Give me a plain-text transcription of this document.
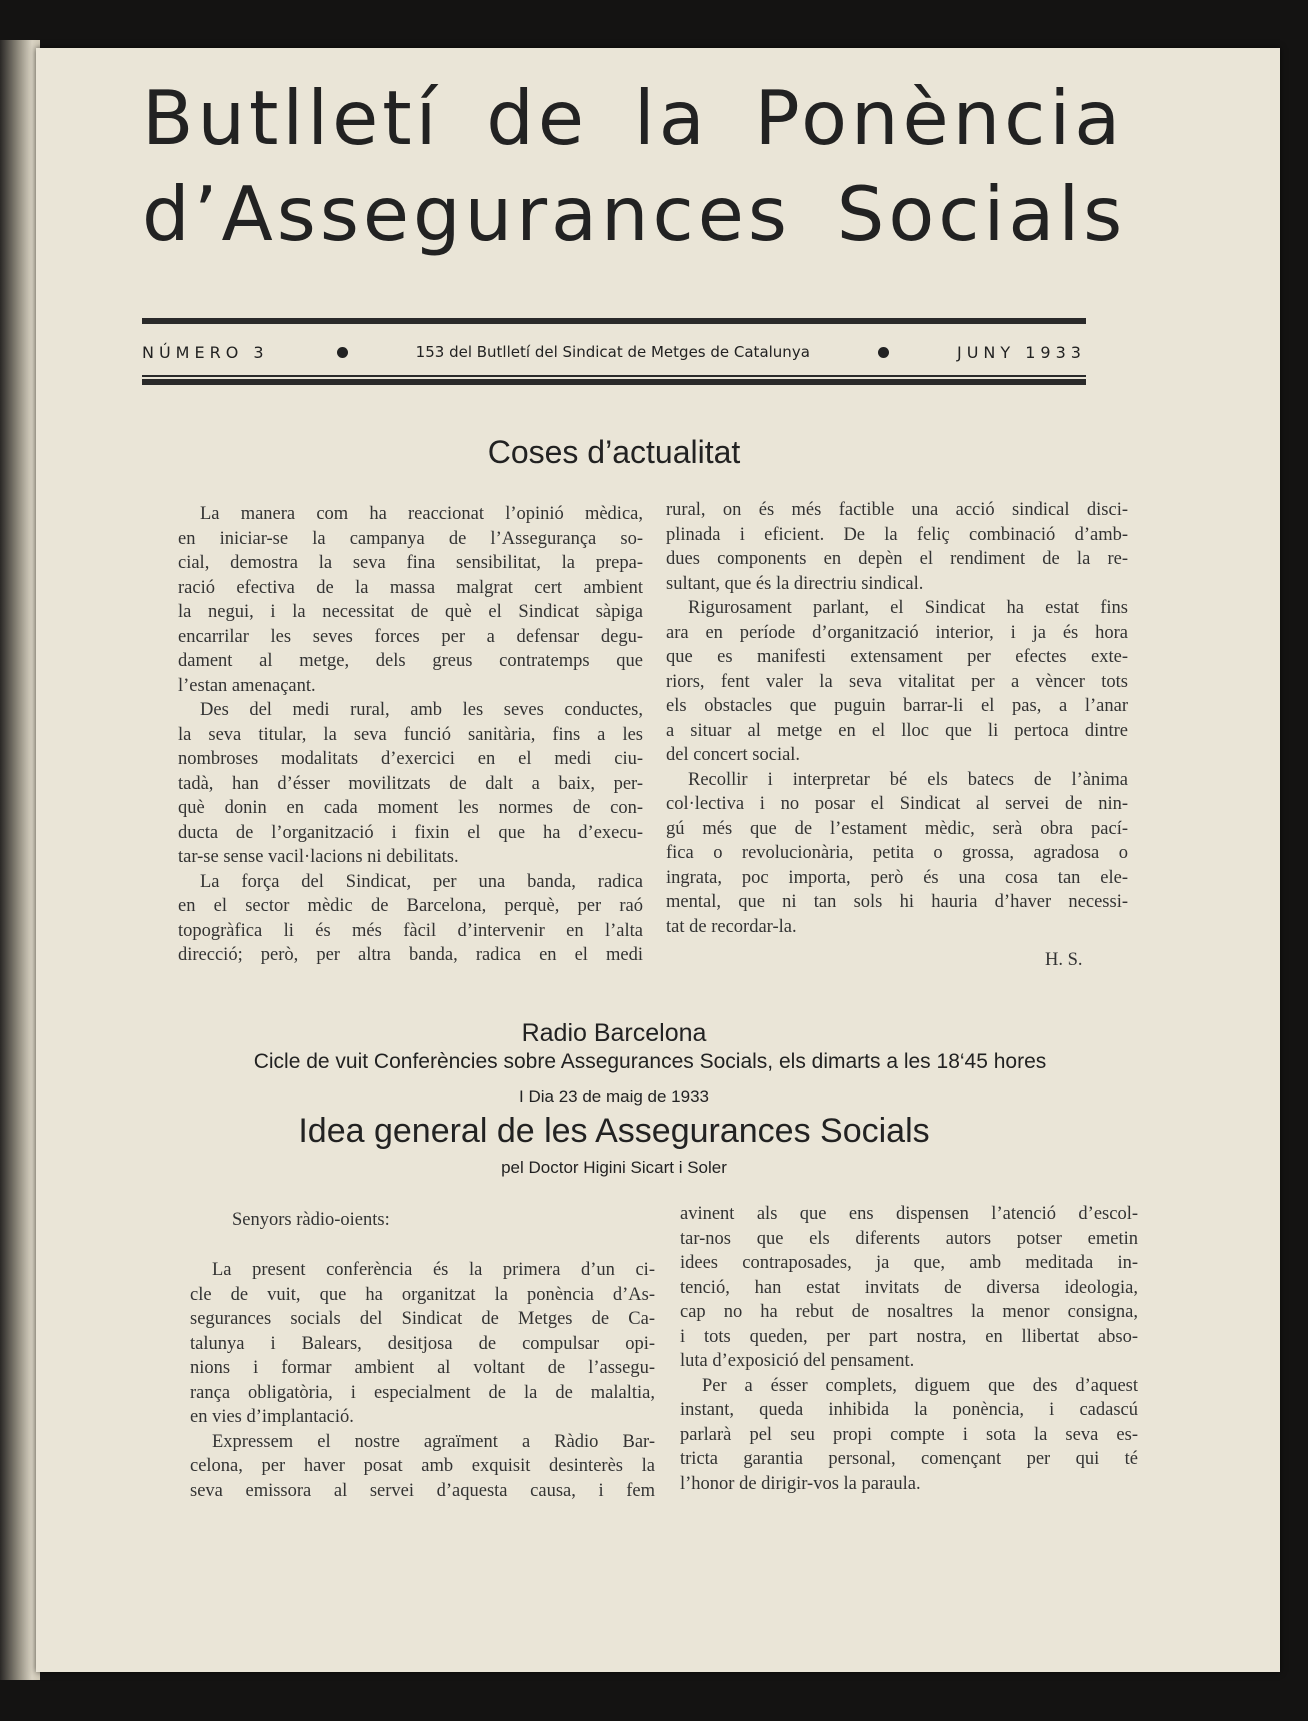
Butlletí de la Ponència
d’Assegurances Socials
NÚMERO 3	153 del Butlletí del Sindicat de Metges de Catalunya	JUNY 1933
Coses d’actualitat
La manera com ha reaccionat l’opinió mèdica,
en iniciar-se la campanya de l’Assegurança so-
cial, demostra la seva fina sensibilitat, la prepa-
ració efectiva de la massa malgrat cert ambient
la negui, i la necessitat de què el Sindicat sàpiga
encarrilar les seves forces per a defensar degu-
dament al metge, dels greus contratemps que
l’estan amenaçant.
Des del medi rural, amb les seves conductes,
la seva titular, la seva funció sanitària, fins a les
nombroses modalitats d’exercici en el medi ciu-
tadà, han d’ésser movilitzats de dalt a baix, per-
què donin en cada moment les normes de con-
ducta de l’organització i fixin el que ha d’execu-
tar-se sense vacil·lacions ni debilitats.
La força del Sindicat, per una banda, radica
en el sector mèdic de Barcelona, perquè, per raó
topogràfica li és més fàcil d’intervenir en l’alta
direcció; però, per altra banda, radica en el medi
rural, on és més factible una acció sindical disci-
plinada i eficient. De la feliç combinació d’amb-
dues components en depèn el rendiment de la re-
sultant, que és la directriu sindical.
Rigurosament parlant, el Sindicat ha estat fins
ara en període d’organització interior, i ja és hora
que es manifesti extensament per efectes exte-
riors, fent valer la seva vitalitat per a vèncer tots
els obstacles que puguin barrar-li el pas, a l’anar
a situar al metge en el lloc que li pertoca dintre
del concert social.
Recollir i interpretar bé els batecs de l’ànima
col·lectiva i no posar el Sindicat al servei de nin-
gú més que de l’estament mèdic, serà obra pací-
fica o revolucionària, petita o grossa, agradosa o
ingrata, poc importa, però és una cosa tan ele-
mental, que ni tan sols hi hauria d’haver necessi-
tat de recordar-la.
H. S.
Radio Barcelona
Cicle de vuit Conferències sobre Assegurances Socials, els dimarts a les 18‘45 hores
I Dia 23 de maig de 1933
Idea general de les Assegurances Socials
pel Doctor Higini Sicart i Soler
Senyors ràdio-oients:
La present conferència és la primera d’un ci-
cle de vuit, que ha organitzat la ponència d’As-
segurances socials del Sindicat de Metges de Ca-
talunya i Balears, desitjosa de compulsar opi-
nions i formar ambient al voltant de l’assegu-
rança obligatòria, i especialment de la de malaltia,
en vies d’implantació.
Expressem el nostre agraïment a Ràdio Bar-
celona, per haver posat amb exquisit desinterès la
seva emissora al servei d’aquesta causa, i fem
avinent als que ens dispensen l’atenció d’escol-
tar-nos que els diferents autors potser emetin
idees contraposades, ja que, amb meditada in-
tenció, han estat invitats de diversa ideologia,
cap no ha rebut de nosaltres la menor consigna,
i tots queden, per part nostra, en llibertat abso-
luta d’exposició del pensament.
Per a ésser complets, diguem que des d’aquest
instant, queda inhibida la ponència, i cadascú
parlarà pel seu propi compte i sota la seva es-
tricta garantia personal, començant per qui té
l’honor de dirigir-vos la paraula.
